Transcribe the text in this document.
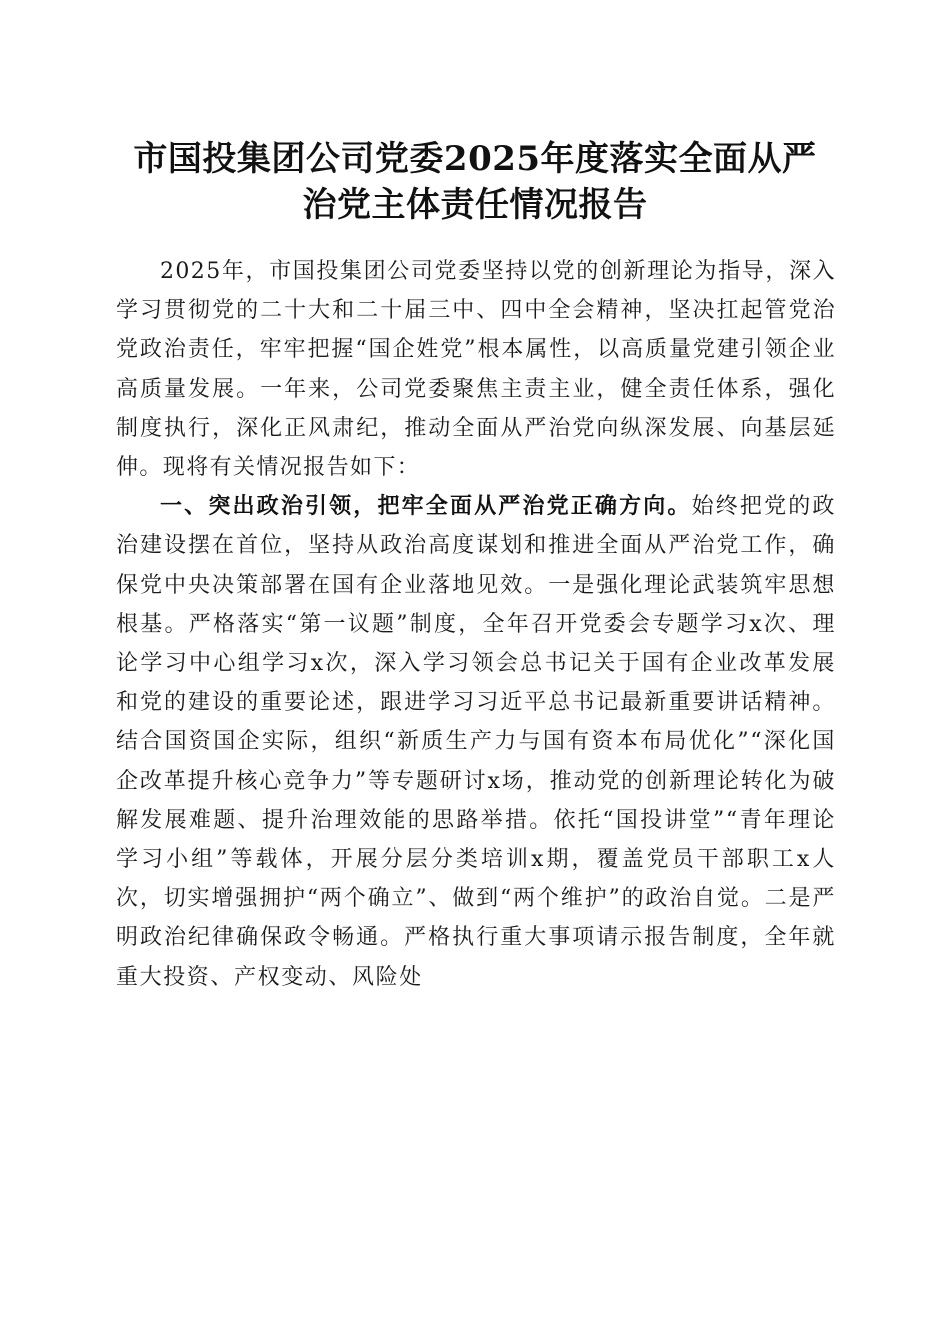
市国投集团公司党委2025年度落实全面从严
治党主体责任情况报告

2025年，市国投集团公司党委坚持以党的创新理论为指导，深入学习贯彻党的二十大和二十届三中、四中全会精神，坚决扛起管党治党政治责任，牢牢把握“国企姓党”根本属性，以高质量党建引领企业高质量发展。一年来，公司党委聚焦主责主业，健全责任体系，强化制度执行，深化正风肃纪，推动全面从严治党向纵深发展、向基层延伸。现将有关情况报告如下：

一、突出政治引领，把牢全面从严治党正确方向。始终把党的政治建设摆在首位，坚持从政治高度谋划和推进全面从严治党工作，确保党中央决策部署在国有企业落地见效。一是强化理论武装筑牢思想根基。严格落实“第一议题”制度，全年召开党委会专题学习x次、理论学习中心组学习x次，深入学习领会总书记关于国有企业改革发展和党的建设的重要论述，跟进学习习近平总书记最新重要讲话精神。结合国资国企实际，组织“新质生产力与国有资本布局优化”“深化国企改革提升核心竞争力”等专题研讨x场，推动党的创新理论转化为破解发展难题、提升治理效能的思路举措。依托“国投讲堂”“青年理论学习小组”等载体，开展分层分类培训x期，覆盖党员干部职工x人次，切实增强拥护“两个确立”、做到“两个维护”的政治自觉。二是严明政治纪律确保政令畅通。严格执行重大事项请示报告制度，全年就重大投资、产权变动、风险处
